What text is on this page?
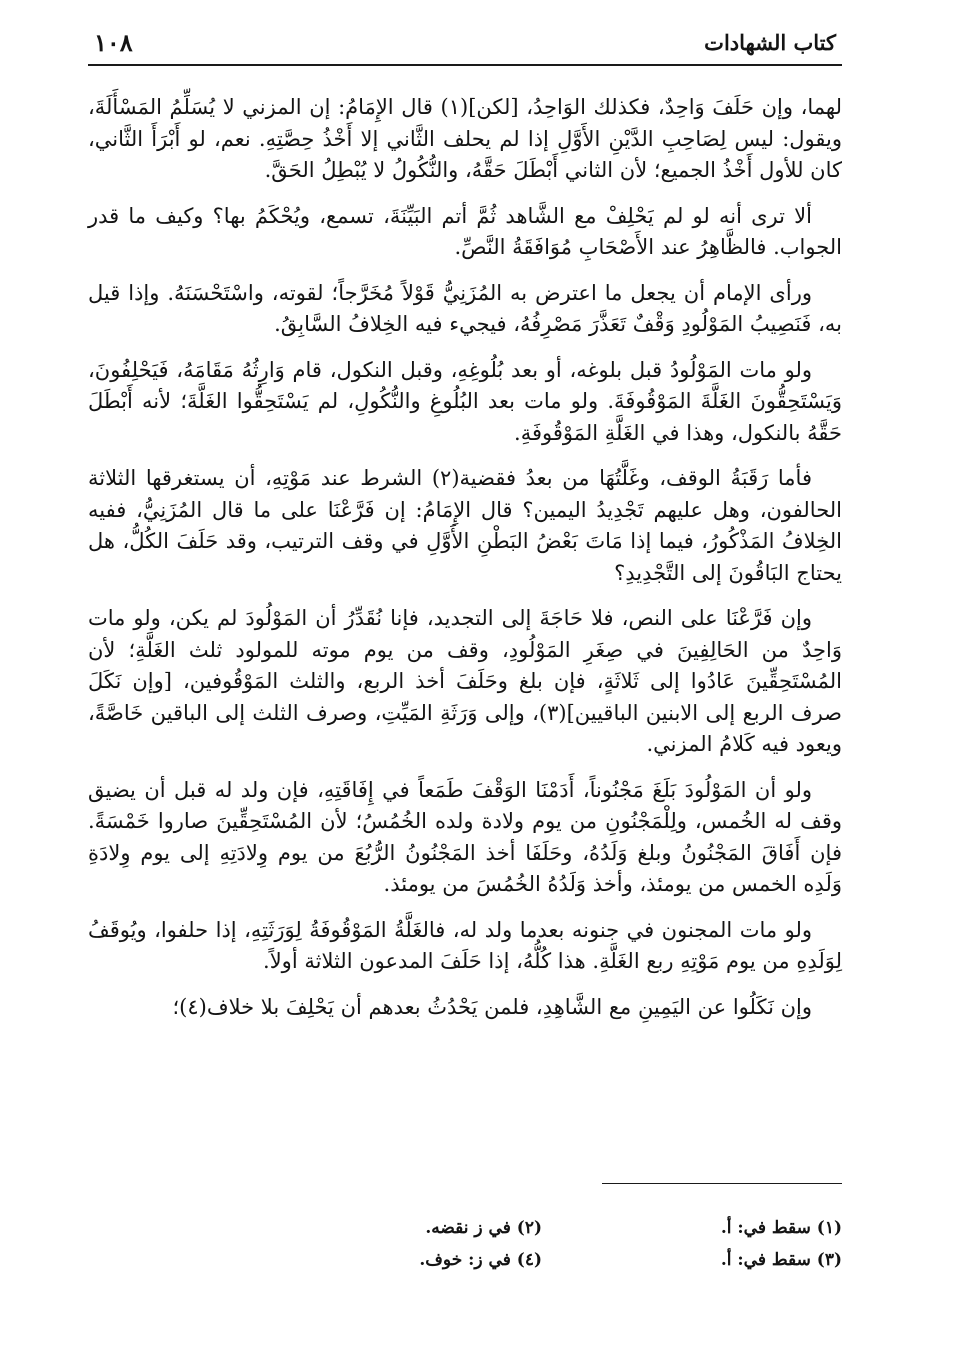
كتاب الشهادات
١٠٨

لهما، وإن حَلَفَ وَاحِدٌ، فكذلك الوَاحِدُ، [لكن](١) قال الإِمَامُ: إن المزني لا يُسَلِّمُ المَسْأَلَةَ، ويقول: ليس لِصَاحِبِ الدَّيْنِ الأَوَّلِ إذا لم يحلف الثَّاني إلا أَخْذُ حِصَّتِهِ. نعم، لو أَبْرَأَ الثَّاني، كان للأول أَخْذُ الجميع؛ لأن الثاني أَبْطَلَ حَقَّهُ، والنُّكُولُ لا يُبْطِلُ الحَقَّ.

ألا ترى أنه لو لم يَحْلِفْ مع الشَّاهد ثُمَّ أتم البَيِّنَةَ، تسمع، ويُحْكَمُ بها؟ وكيف ما قدر الجواب. فالظَّاهِرُ عند الأَصْحَابِ مُوَافَقَةُ النَّصِّ.

ورأى الإمام أن يجعل ما اعترض به المُزَنِيُّ قَوْلاً مُخَرَّجاً؛ لقوته، واسْتَحْسَنَهُ. وإذا قيل به، فَنَصِيبُ المَوْلُودِ وَقْفٌ تَعَذَّرَ مَصْرِفُهُ، فيجيء فيه الخِلافُ السَّابِقُ.

ولو مات المَوْلُودُ قبل بلوغه، أو بعد بُلُوغِهِ، وقبل النكول، قام وَارِثُهُ مَقَامَهُ، فَيَحْلِفُونَ، وَيَسْتَحِقُّونَ الغَلَّةَ المَوْقُوفَةَ. ولو مات بعد البُلُوغِ والنُّكُولِ، لم يَسْتَحِقُّوا الغَلَّةَ؛ لأنه أَبْطَلَ حَقَّهُ بالنكول، وهذا في الغَلَّةِ المَوْقُوفَةِ.

فأما رَقَبَةُ الوقف، وغَلَّتُهَا من بعدُ فقضية(٢) الشرط عند مَوْتِهِ، أن يستغرقها الثلاثة الحالفون، وهل عليهم تَجْدِيدُ اليمين؟ قال الإِمَامُ: إن فَرَّعْنَا على ما قال المُزَنِيُّ، ففيه الخِلافُ المَذْكُورُ، فيما إذا مَاتَ بَعْضُ البَطْنِ الأَوَّلِ في وقف الترتيب، وقد حَلَفَ الكُلُّ، هل يحتاج البَاقُونَ إلى التَّجْدِيدِ؟

وإن فَرَّعْنَا على النص، فلا حَاجَةَ إلى التجديد، فإنا نُقَدِّرُ أن المَوْلُودَ لم يكن، ولو مات وَاحِدٌ من الحَالِفِينَ في صِغَرِ المَوْلُودِ، وقف من يوم موته للمولود ثلث الغَلَّةِ؛ لأن المُسْتَحِقِّينَ عَادُوا إلى ثَلاثَةٍ، فإن بلغ وحَلَفَ أخذ الربع، والثلث المَوْقُوفين، [وإن نَكَلَ صرف الربع إلى الابنين الباقيين](٣)، وإلى وَرَثَةِ المَيِّتِ، وصرف الثلث إلى الباقين خَاصَّةً، ويعود فيه كَلامُ المزني.

ولو أن المَوْلُودَ بَلَغَ مَجْنُوناً، أَدَمْنَا الوَقْفَ طَمَعاً في إِفَاقَتِهِ، فإن ولد له قبل أن يضيق وقف له الخُمس، ولِلْمَجْنُونِ من يوم ولادة ولده الخُمُسُ؛ لأن المُسْتَحِقِّينَ صاروا خَمْسَةً. فإن أَفَاقَ المَجْنُونُ وبلغ وَلَدُهُ، وحَلَفَا أخذ المَجْنُونُ الرُّبُعَ من يوم وِلادَتِهِ إلى يوم وِلادَةِ وَلَدِه الخمس من يومئذ، وأخذ وَلَدُهُ الخُمُسَ من يومئذ.

ولو مات المجنون في جنونه بعدما ولد له، فالغَلَّةُ المَوْقُوفَةُ لِوَرَثَتِهِ، إذا حلفوا، ويُوقَفُ لِوَلَدِهِ من يوم مَوْتِهِ ربع الغَلَّةِ. هذا كُلُّهُ، إذا حَلَفَ المدعون الثلاثة أولاً.

وإن نَكَلُوا عن اليَمِينِ مع الشَّاهِدِ، فلمن يَحْدُثُ بعدهم أن يَحْلِفَ بلا خلاف(٤)؛

(١) سقط في: أ.
(٢) في ز نقضه.
(٣) سقط في: أ.
(٤) في ز: خوف.
